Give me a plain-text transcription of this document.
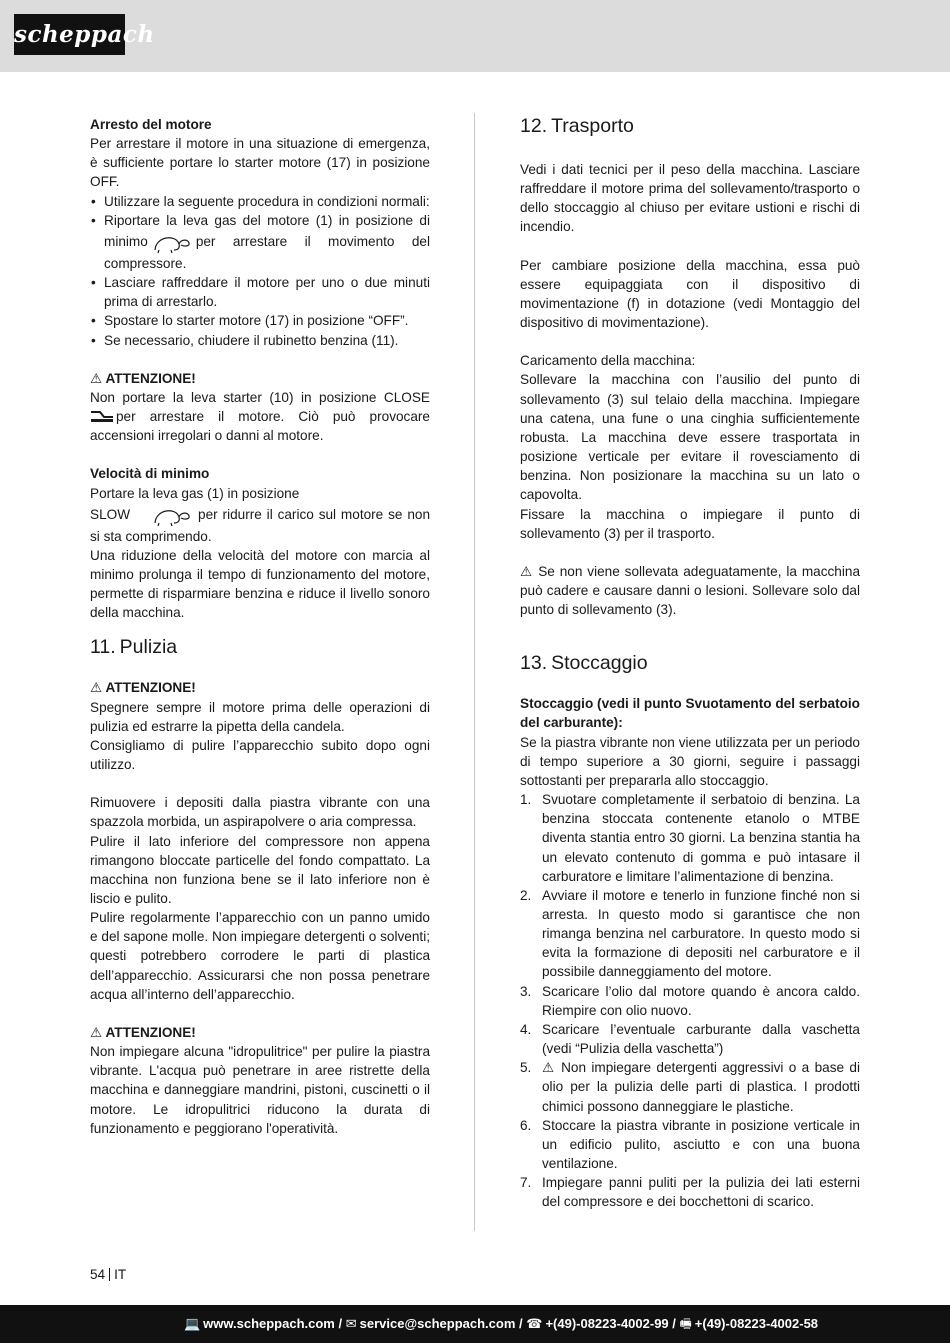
scheppach

Arresto del motore

Per arrestare il motore in una situazione di emergenza, è sufficiente portare lo starter motore (17) in posizione OFF.

• Utilizzare la seguente procedura in condizioni normali:
• Riportare la leva gas del motore (1) in posizione di minimo	per arrestare il movimento del compressore.
• Lasciare raffreddare il motore per uno o due minuti prima di arrestarlo.
• Spostare lo starter motore (17) in posizione “OFF”.
• Se necessario, chiudere il rubinetto benzina (11).

⚠ ATTENZIONE!

Non portare la leva starter (10) in posizione CLOSE per arrestare il motore. Ciò può provocare accensioni irregolari o danni al motore.

Velocità di minimo

Portare la leva gas (1) in posizione

SLOW	per ridurre il carico sul motore se non si sta comprimendo.

Una riduzione della velocità del motore con marcia al minimo prolunga il tempo di funzionamento del motore, permette di risparmiare benzina e riduce il livello sonoro della macchina.

11. Pulizia

⚠ ATTENZIONE!

Spegnere sempre il motore prima delle operazioni di pulizia ed estrarre la pipetta della candela.

Consigliamo di pulire l’apparecchio subito dopo ogni utilizzo.

Rimuovere i depositi dalla piastra vibrante con una spazzola morbida, un aspirapolvere o aria compressa.

Pulire il lato inferiore del compressore non appena rimangono bloccate particelle del fondo compattato. La macchina non funziona bene se il lato inferiore non è liscio e pulito.

Pulire regolarmente l’apparecchio con un panno umido e del sapone molle. Non impiegare detergenti o solventi; questi potrebbero corrodere le parti di plastica dell’apparecchio. Assicurarsi che non possa penetrare acqua all’interno dell’apparecchio.

⚠ ATTENZIONE!

Non impiegare alcuna "idropulitrice" per pulire la piastra vibrante. L'acqua può penetrare in aree ristrette della macchina e danneggiare mandrini, pistoni, cuscinetti o il motore. Le idropulitrici riducono la durata di funzionamento e peggiorano l'operatività.

12. Trasporto

Vedi i dati tecnici per il peso della macchina. Lasciare raffreddare il motore prima del sollevamento/trasporto o dello stoccaggio al chiuso per evitare ustioni e rischi di incendio.

Per cambiare posizione della macchina, essa può essere equipaggiata con il dispositivo di movimentazione (f) in dotazione (vedi Montaggio del dispositivo di movimentazione).

Caricamento della macchina:

Sollevare la macchina con l’ausilio del punto di sollevamento (3) sul telaio della macchina. Impiegare una catena, una fune o una cinghia sufficientemente robusta. La macchina deve essere trasportata in posizione verticale per evitare il rovesciamento di benzina. Non posizionare la macchina su un lato o capovolta.

Fissare la macchina o impiegare il punto di sollevamento (3) per il trasporto.

⚠ Se non viene sollevata adeguatamente, la macchina può cadere e causare danni o lesioni. Sollevare solo dal punto di sollevamento (3).

13. Stoccaggio

Stoccaggio (vedi il punto Svuotamento del serbatoio del carburante):

Se la piastra vibrante non viene utilizzata per un periodo di tempo superiore a 30 giorni, seguire i passaggi sottostanti per prepararla allo stoccaggio.

1. Svuotare completamente il serbatoio di benzina. La benzina stoccata contenente etanolo o MTBE diventa stantia entro 30 giorni. La benzina stantia ha un elevato contenuto di gomma e può intasare il carburatore e limitare l’alimentazione di benzina.
2. Avviare il motore e tenerlo in funzione finché non si arresta. In questo modo si garantisce che non rimanga benzina nel carburatore. In questo modo si evita la formazione di depositi nel carburatore e il possibile danneggiamento del motore.
3. Scaricare l’olio dal motore quando è ancora caldo. Riempire con olio nuovo.
4. Scaricare l’eventuale carburante dalla vaschetta (vedi “Pulizia della vaschetta”)
5. ⚠ Non impiegare detergenti aggressivi o a base di olio per la pulizia delle parti di plastica. I prodotti chimici possono danneggiare le plastiche.
6. Stoccare la piastra vibrante in posizione verticale in un edificio pulito, asciutto e con una buona ventilazione.
7. Impiegare panni puliti per la pulizia dei lati esterni del compressore e dei bocchettoni di scarico.
54 IT
💻 www.scheppach.com / ✉ service@scheppach.com / ☎ +(49)-08223-4002-99 / 🖷 +(49)-08223-4002-58
